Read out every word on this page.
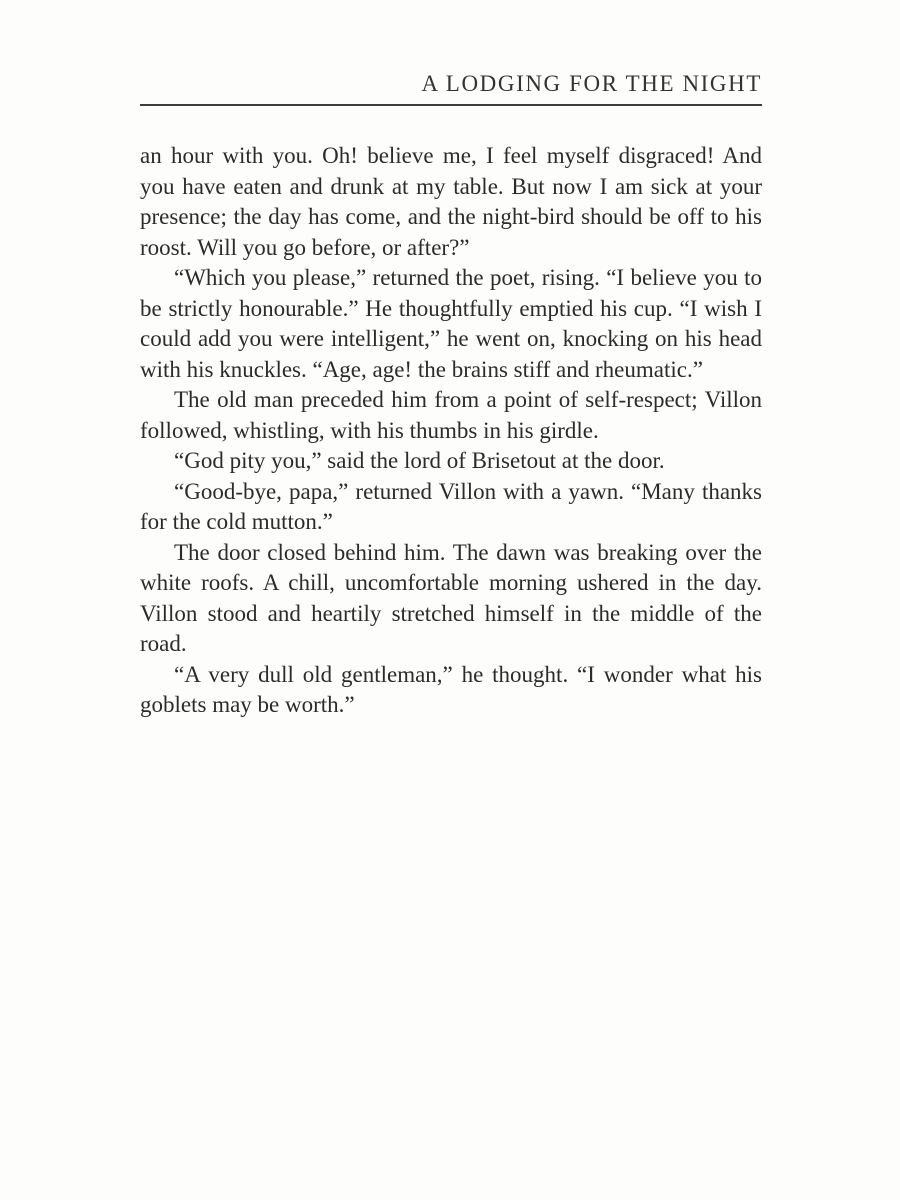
A LODGING FOR THE NIGHT

an hour with you. Oh! believe me, I feel myself disgraced! And you have eaten and drunk at my table. But now I am sick at your presence; the day has come, and the night-bird should be off to his roost. Will you go before, or after?”

“Which you please,” returned the poet, rising. “I believe you to be strictly honourable.” He thoughtfully emptied his cup. “I wish I could add you were intelligent,” he went on, knocking on his head with his knuckles. “Age, age! the brains stiff and rheumatic.”

The old man preceded him from a point of self-respect; Villon followed, whistling, with his thumbs in his girdle.

“God pity you,” said the lord of Brisetout at the door.

“Good-bye, papa,” returned Villon with a yawn. “Many thanks for the cold mutton.”

The door closed behind him. The dawn was breaking over the white roofs. A chill, uncomfortable morning ushered in the day. Villon stood and heartily stretched himself in the middle of the road.

“A very dull old gentleman,” he thought. “I wonder what his goblets may be worth.”
